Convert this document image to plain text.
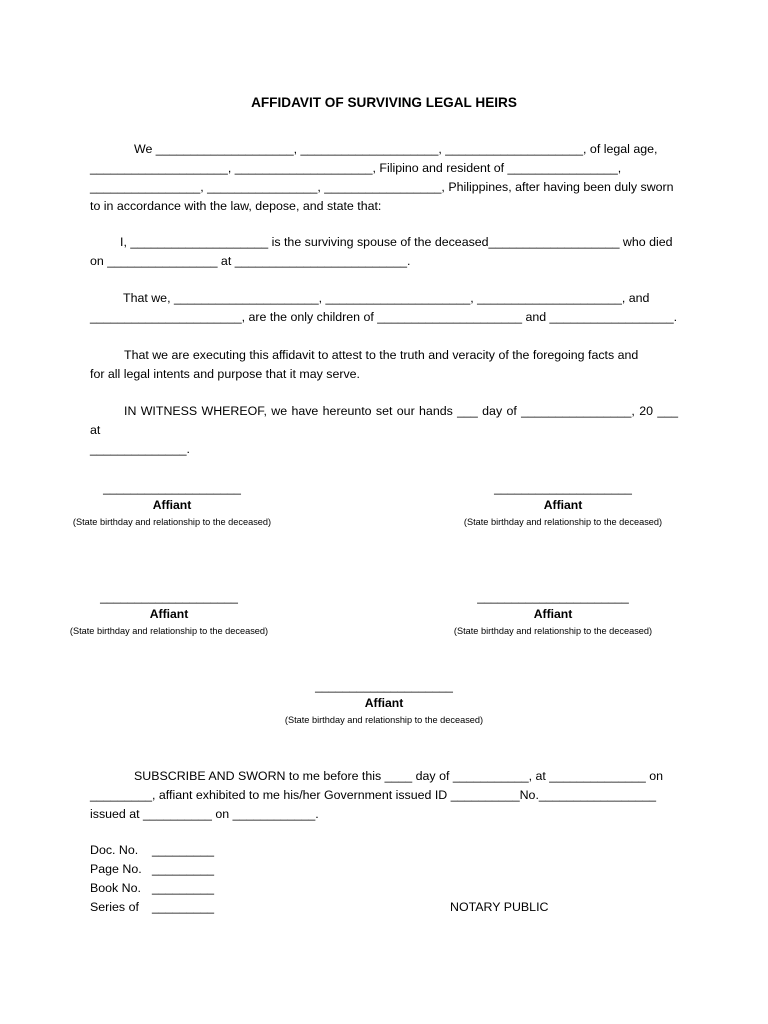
AFFIDAVIT OF SURVIVING LEGAL HEIRS
We ____________________, ____________________, ____________________, of legal age,
____________________, ____________________, Filipino and resident of ________________,
________________, ________________, _________________, Philippines, after having been duly sworn
to in accordance with the law, depose, and state that:
I, ____________________ is the surviving spouse of the deceased___________________ who died
on ________________ at _________________________.
That we, _____________________, _____________________, _____________________, and
______________________, are the only children of _____________________ and __________________.
That we are executing this affidavit to attest to the truth and veracity of the foregoing facts and
for all legal intents and purpose that it may serve.
IN WITNESS WHEREOF, we have hereunto set our hands ___ day of ________________, 20 ___ at
______________.
____________________
Affiant
(State birthday and relationship to the deceased)
____________________
Affiant
(State birthday and relationship to the deceased)
____________________
Affiant
(State birthday and relationship to the deceased)
______________________
Affiant
(State birthday and relationship to the deceased)
____________________
Affiant
(State birthday and relationship to the deceased)
SUBSCRIBE AND SWORN to me before this ____ day of ___________, at ______________ on
_________, affiant exhibited to me his/her Government issued ID __________No._________________
issued at __________ on ____________.
Doc. No.	_________
Page No. _________
Book No. _________
Series of	_________	NOTARY PUBLIC
